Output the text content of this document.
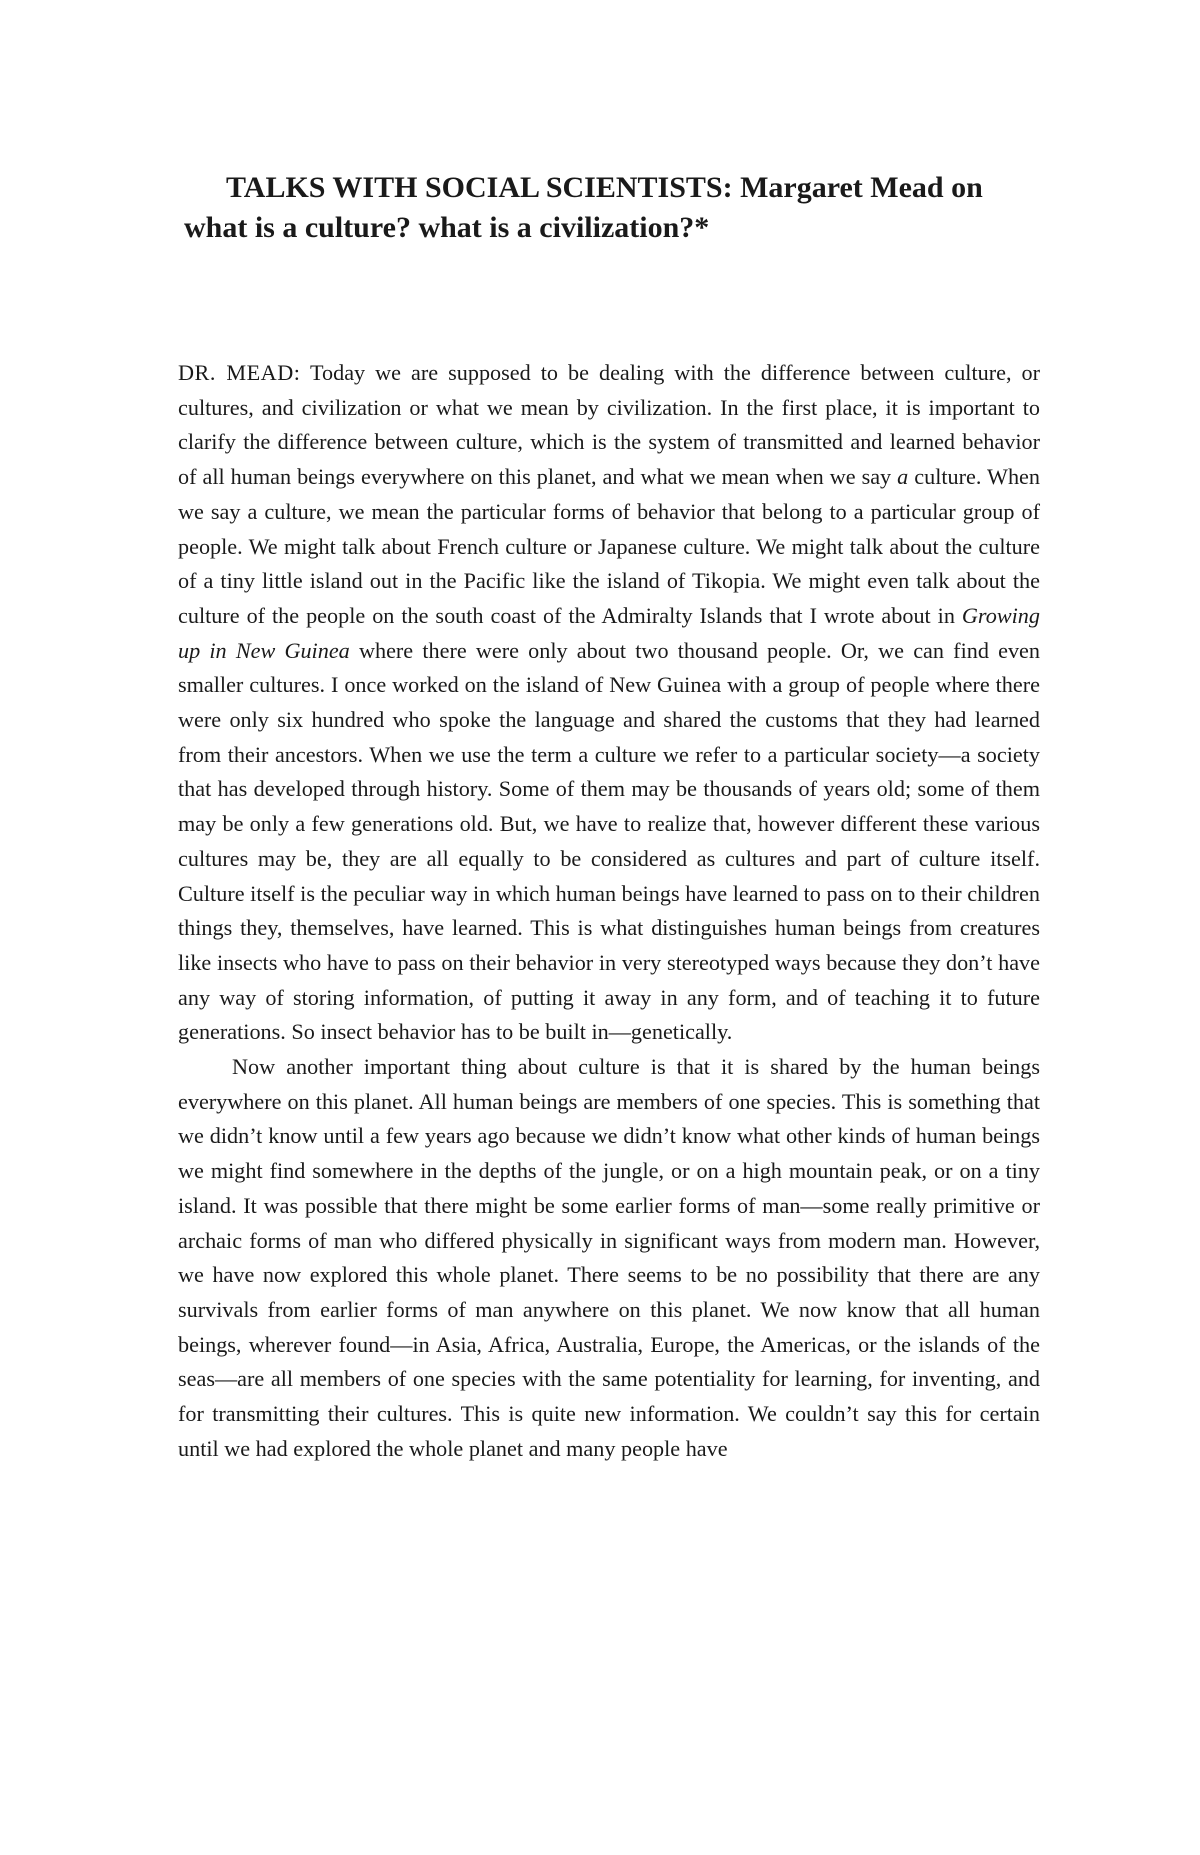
TALKS WITH SOCIAL SCIENTISTS: Margaret Mead on what is a culture? what is a civilization?*

DR. MEAD: Today we are supposed to be dealing with the difference between culture, or cultures, and civilization or what we mean by civilization. In the first place, it is important to clarify the difference between culture, which is the system of transmitted and learned behavior of all human beings everywhere on this planet, and what we mean when we say a culture. When we say a culture, we mean the particular forms of behavior that belong to a particular group of people. We might talk about French culture or Japanese culture. We might talk about the culture of a tiny little island out in the Pacific like the island of Tikopia. We might even talk about the culture of the people on the south coast of the Admiralty Islands that I wrote about in Growing up in New Guinea where there were only about two thousand people. Or, we can find even smaller cultures. I once worked on the island of New Guinea with a group of people where there were only six hundred who spoke the language and shared the customs that they had learned from their ancestors. When we use the term a culture we refer to a particular society—a society that has developed through history. Some of them may be thousands of years old; some of them may be only a few generations old. But, we have to realize that, however different these various cultures may be, they are all equally to be considered as cultures and part of culture itself. Culture itself is the peculiar way in which human beings have learned to pass on to their children things they, themselves, have learned. This is what distinguishes human beings from creatures like insects who have to pass on their behavior in very stereotyped ways because they don’t have any way of storing information, of putting it away in any form, and of teaching it to future generations. So insect behavior has to be built in—genetically.

Now another important thing about culture is that it is shared by the human beings everywhere on this planet. All human beings are members of one species. This is something that we didn’t know until a few years ago because we didn’t know what other kinds of human beings we might find somewhere in the depths of the jungle, or on a high mountain peak, or on a tiny island. It was possible that there might be some earlier forms of man—some really primitive or archaic forms of man who differed physically in significant ways from modern man. However, we have now explored this whole planet. There seems to be no possibility that there are any survivals from earlier forms of man anywhere on this planet. We now know that all human beings, wherever found—in Asia, Africa, Australia, Europe, the Americas, or the islands of the seas—are all members of one species with the same potentiality for learning, for inventing, and for transmitting their cultures. This is quite new information. We couldn’t say this for certain until we had explored the whole planet and many people have
